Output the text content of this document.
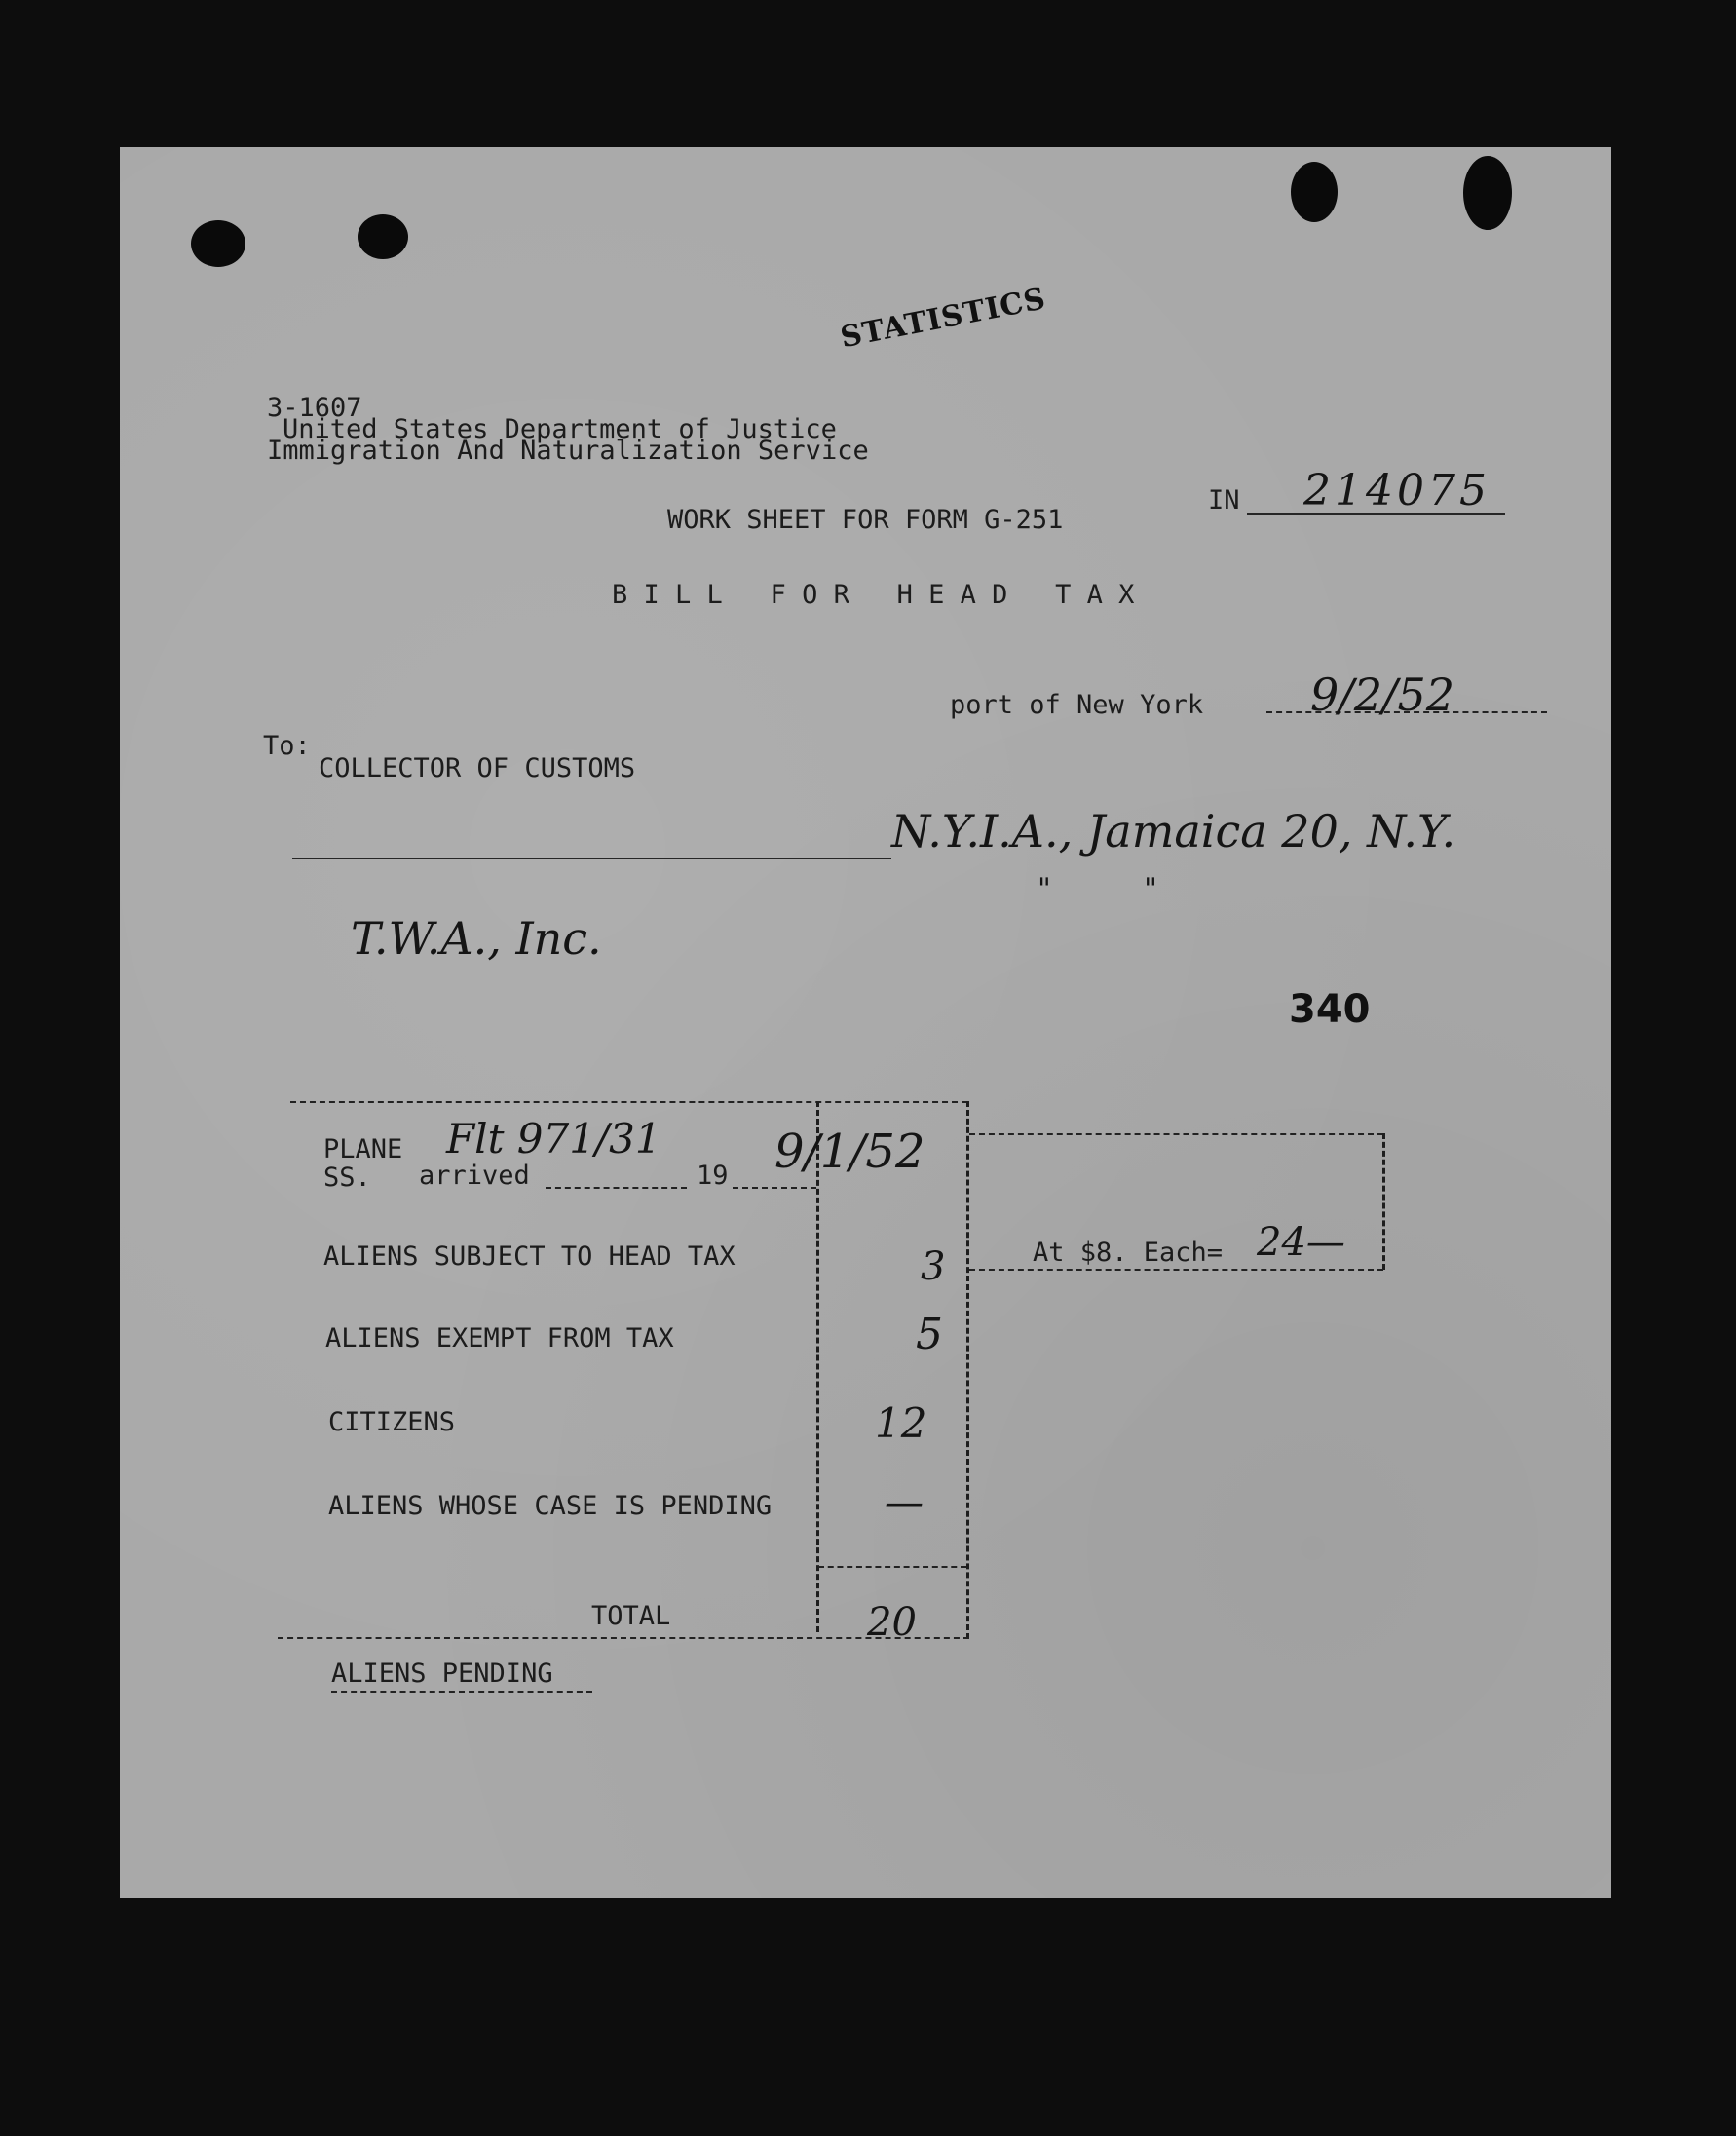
STATISTICS
3-1607
United States Department of Justice
Immigration And Naturalization Service
IN 214075
WORK SHEET FOR FORM G-251
B I L L   F O R   H E A D   T A X
port of New York 9/2/52
To:
COLLECTOR OF CUSTOMS
N.Y.I.A., Jamaica 20, N.Y.
"          "
T.W.A., Inc.
340
At $8. Each= 24—
PLANE Flt 971/31
SS. arrived	19 9/1/52
ALIENS SUBJECT TO HEAD TAX	3
ALIENS EXEMPT FROM TAX	5
CITIZENS	12
ALIENS WHOSE CASE IS PENDING	—
TOTAL	20
ALIENS PENDING
